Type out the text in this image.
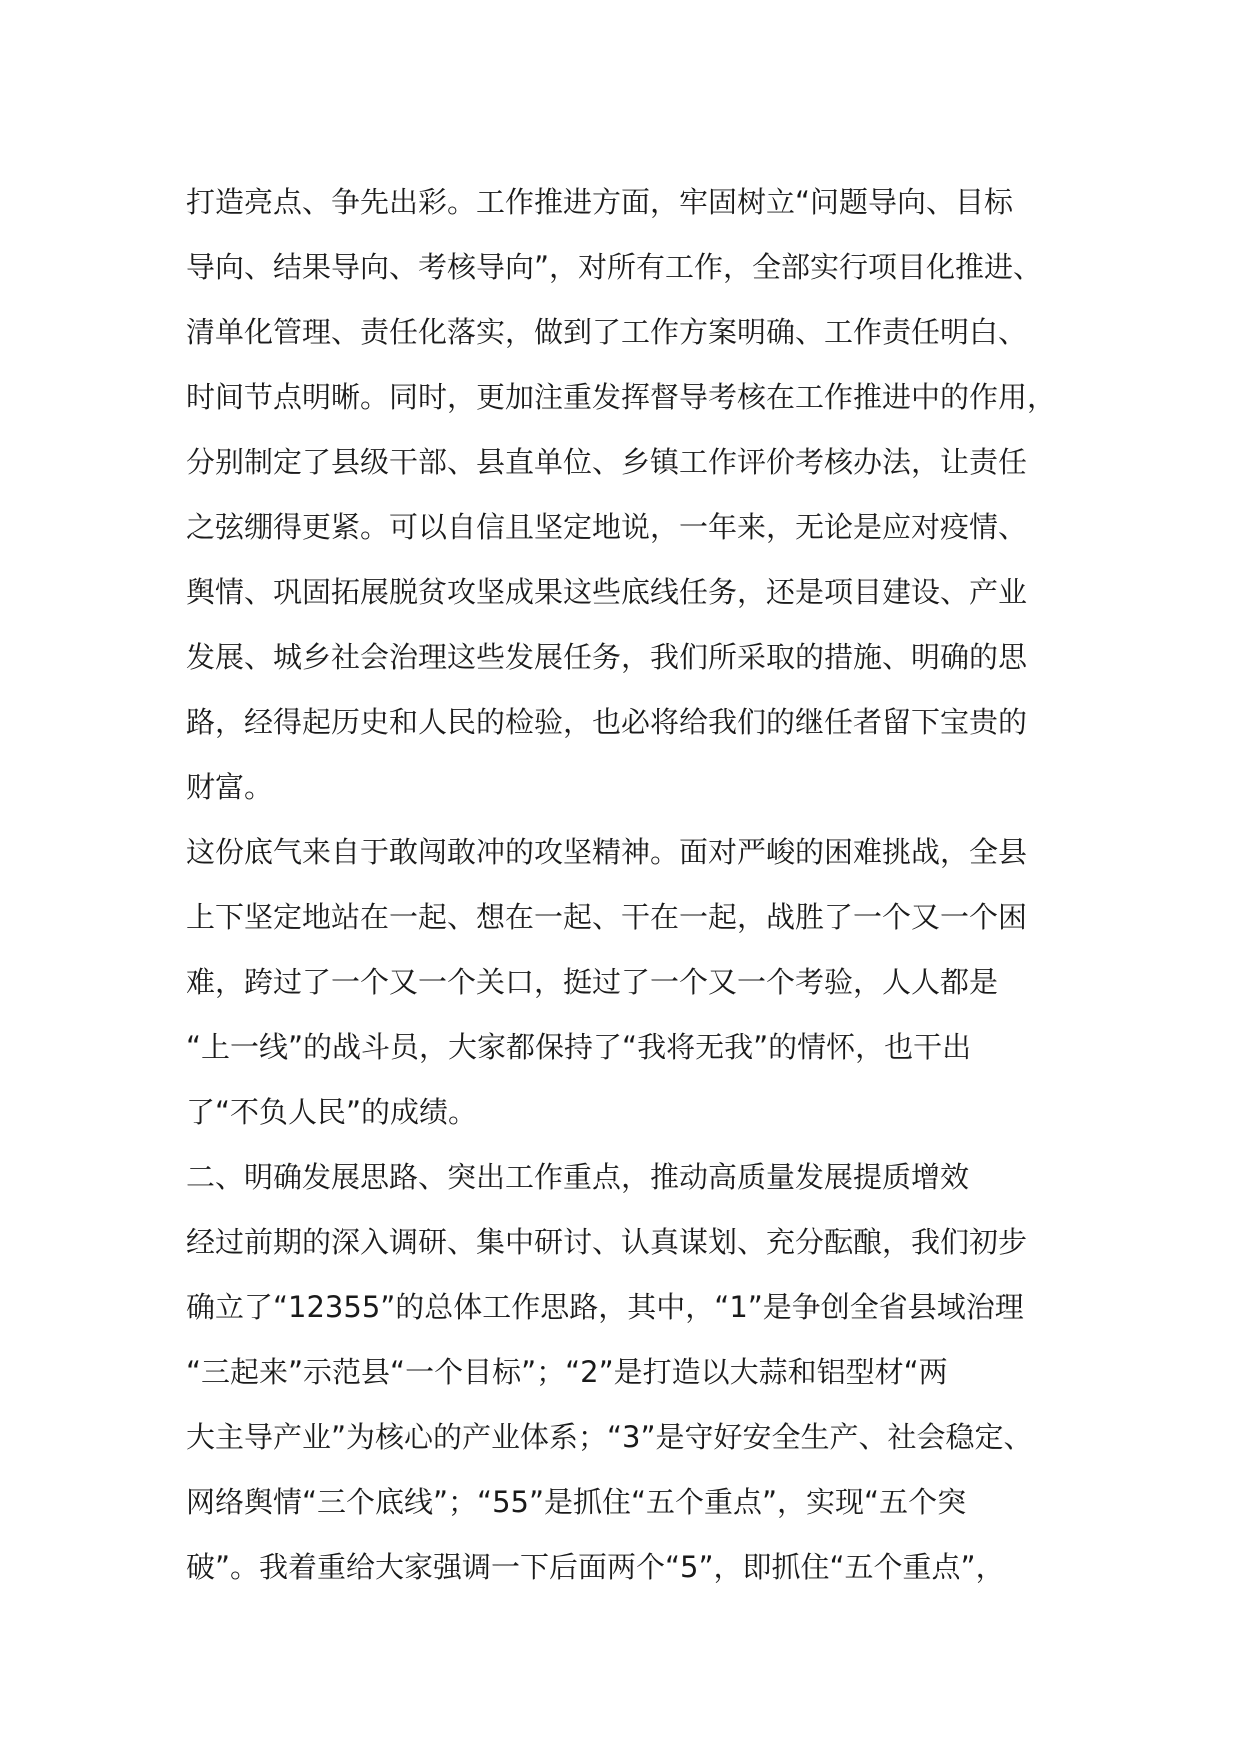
打造亮点、争先出彩。工作推进方面，牢固树立“问题导向、目标
导向、结果导向、考核导向”，对所有工作，全部实行项目化推进、
清单化管理、责任化落实，做到了工作方案明确、工作责任明白、
时间节点明晰。同时，更加注重发挥督导考核在工作推进中的作用，
分别制定了县级干部、县直单位、乡镇工作评价考核办法，让责任
之弦绷得更紧。可以自信且坚定地说，一年来，无论是应对疫情、
舆情、巩固拓展脱贫攻坚成果这些底线任务，还是项目建设、产业
发展、城乡社会治理这些发展任务，我们所采取的措施、明确的思
路，经得起历史和人民的检验，也必将给我们的继任者留下宝贵的
财富。
这份底气来自于敢闯敢冲的攻坚精神。面对严峻的困难挑战，全县
上下坚定地站在一起、想在一起、干在一起，战胜了一个又一个困
难，跨过了一个又一个关口，挺过了一个又一个考验，人人都是
“上一线”的战斗员，大家都保持了“我将无我”的情怀，也干出
了“不负人民”的成绩。
二、明确发展思路、突出工作重点，推动高质量发展提质增效
经过前期的深入调研、集中研讨、认真谋划、充分酝酿，我们初步
确立了“12355”的总体工作思路，其中，“1”是争创全省县域治理
“三起来”示范县“一个目标”；“2”是打造以大蒜和铝型材“两
大主导产业”为核心的产业体系；“3”是守好安全生产、社会稳定、
网络舆情“三个底线”；“55”是抓住“五个重点”，实现“五个突
破”。我着重给大家强调一下后面两个“5”，即抓住“五个重点”，
